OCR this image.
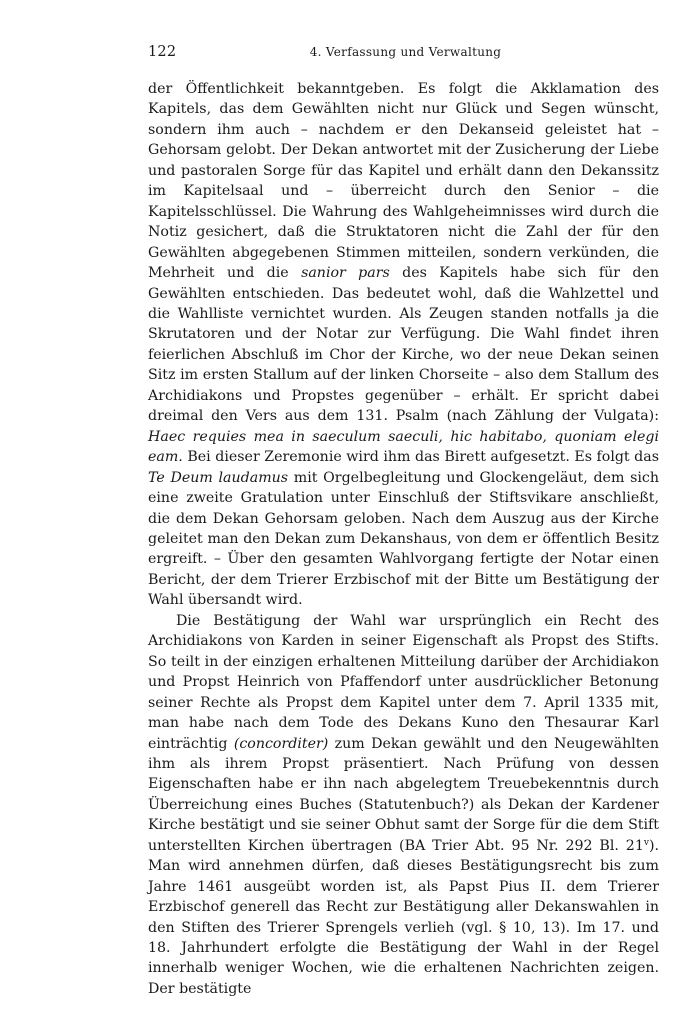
122	4. Verfassung und Verwaltung

der Öffentlichkeit bekanntgeben. Es folgt die Akklamation des Kapitels, das dem Gewählten nicht nur Glück und Segen wünscht, sondern ihm auch – nachdem er den Dekanseid geleistet hat – Gehorsam gelobt. Der Dekan antwortet mit der Zusicherung der Liebe und pastoralen Sorge für das Kapitel und erhält dann den Dekanssitz im Kapitelsaal und – überreicht durch den Senior – die Kapitelsschlüssel. Die Wahrung des Wahlgeheimnisses wird durch die Notiz gesichert, daß die Struktatoren nicht die Zahl der für den Gewählten abgegebenen Stimmen mitteilen, sondern verkünden, die Mehrheit und die sanior pars des Kapitels habe sich für den Gewählten entschieden. Das bedeutet wohl, daß die Wahlzettel und die Wahlliste vernichtet wurden. Als Zeugen standen notfalls ja die Skrutatoren und der Notar zur Verfügung. Die Wahl findet ihren feierlichen Abschluß im Chor der Kirche, wo der neue Dekan seinen Sitz im ersten Stallum auf der linken Chorseite – also dem Stallum des Archidiakons und Propstes gegenüber – erhält. Er spricht dabei dreimal den Vers aus dem 131. Psalm (nach Zählung der Vulgata): Haec requies mea in saeculum saeculi, hic habitabo, quoniam elegi eam. Bei dieser Zeremonie wird ihm das Birett aufgesetzt. Es folgt das Te Deum laudamus mit Orgelbegleitung und Glockengeläut, dem sich eine zweite Gratulation unter Einschluß der Stiftsvikare anschließt, die dem Dekan Gehorsam geloben. Nach dem Auszug aus der Kirche geleitet man den Dekan zum Dekanshaus, von dem er öffentlich Besitz ergreift. – Über den gesamten Wahlvorgang fertigte der Notar einen Bericht, der dem Trierer Erzbischof mit der Bitte um Bestätigung der Wahl übersandt wird.

Die Bestätigung der Wahl war ursprünglich ein Recht des Archidiakons von Karden in seiner Eigenschaft als Propst des Stifts. So teilt in der einzigen erhaltenen Mitteilung darüber der Archidiakon und Propst Heinrich von Pfaffendorf unter ausdrücklicher Betonung seiner Rechte als Propst dem Kapitel unter dem 7. April 1335 mit, man habe nach dem Tode des Dekans Kuno den Thesaurar Karl einträchtig (concorditer) zum Dekan gewählt und den Neugewählten ihm als ihrem Propst präsentiert. Nach Prüfung von dessen Eigenschaften habe er ihn nach abgelegtem Treuebekenntnis durch Überreichung eines Buches (Statutenbuch?) als Dekan der Kardener Kirche bestätigt und sie seiner Obhut samt der Sorge für die dem Stift unterstellten Kirchen übertragen (BA Trier Abt. 95 Nr. 292 Bl. 21$^v$). Man wird annehmen dürfen, daß dieses Bestätigungsrecht bis zum Jahre 1461 ausgeübt worden ist, als Papst Pius II. dem Trierer Erzbischof generell das Recht zur Bestätigung aller Dekanswahlen in den Stiften des Trierer Sprengels verlieh (vgl. § 10, 13). Im 17. und 18. Jahrhundert erfolgte die Bestätigung der Wahl in der Regel innerhalb weniger Wochen, wie die erhaltenen Nachrichten zeigen. Der bestätigte
